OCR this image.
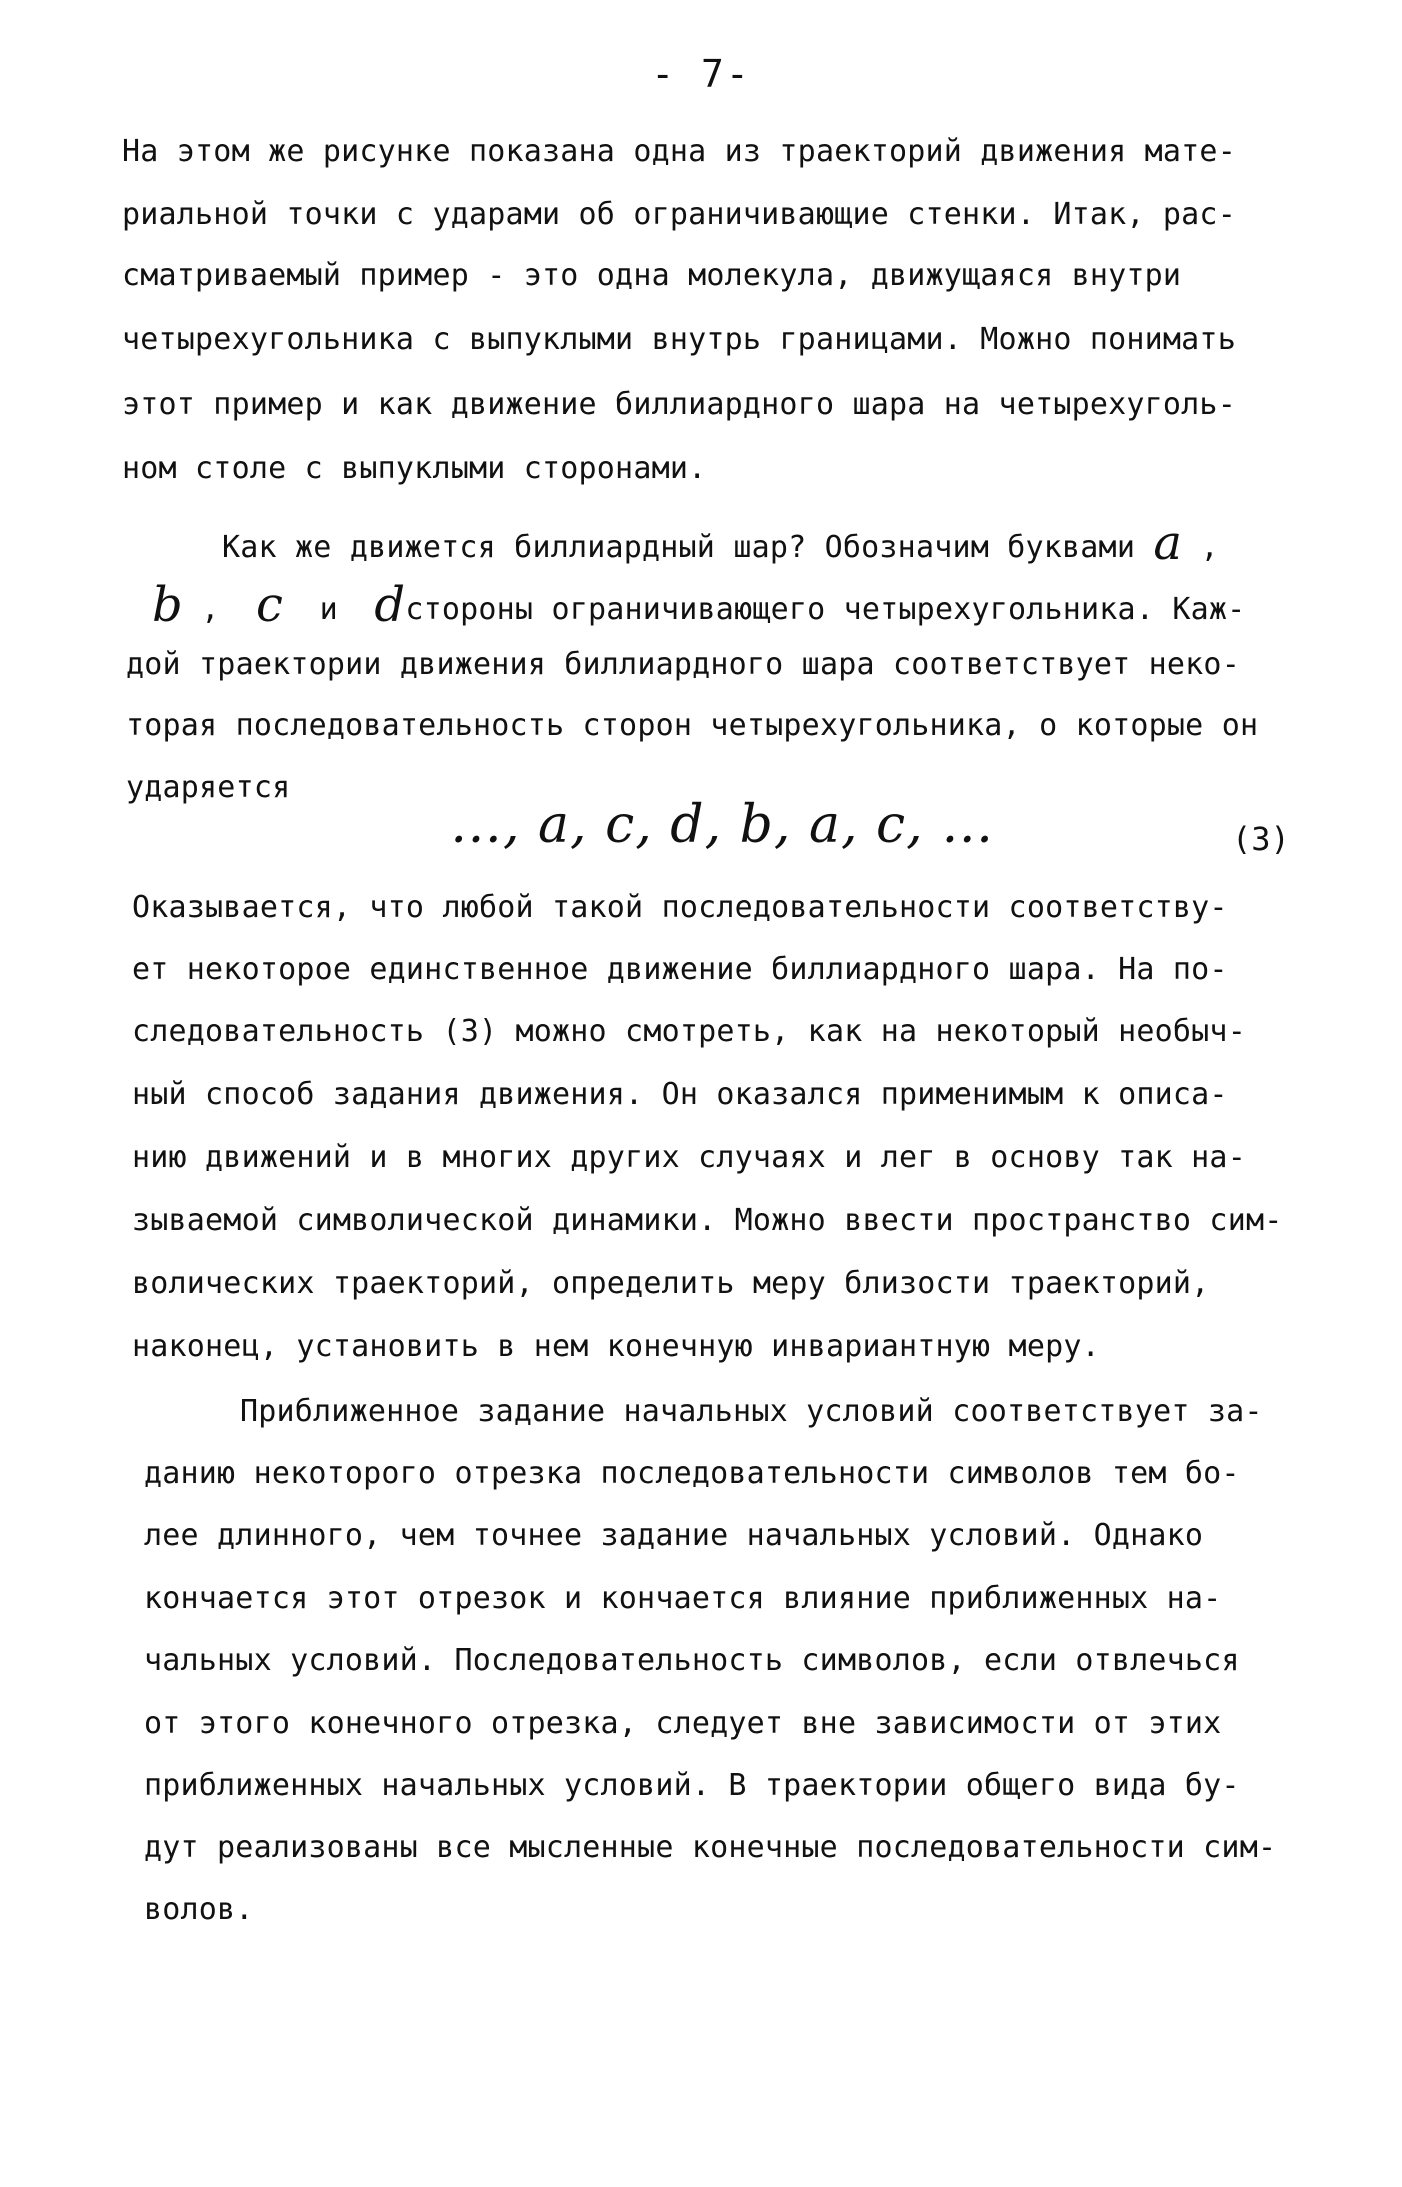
- 7-
На этом же рисунке показана одна из траекторий движения мате-
риальной точки с ударами об ограничивающие стенки. Итак, рас-
сматриваемый пример - это одна молекула, движущаяся внутри
четырехугольника с выпуклыми внутрь границами. Можно понимать
этот пример и как движение биллиардного шара на четырехуголь-
ном столе с выпуклыми сторонами.
Как же движется биллиардный шар? Обозначим буквами a ,
b , c и dстороны ограничивающего четырехугольника. Каж-
дой траектории движения биллиардного шара соответствует неко-
торая последовательность сторон четырехугольника, о которые он
ударяется
…, a, c, d, b, a, c, …	(3)
Оказывается, что любой такой последовательности соответству-
ет некоторое единственное движение биллиардного шара. На по-
следовательность (3) можно смотреть, как на некоторый необыч-
ный способ задания движения. Он оказался применимым к описа-
нию движений и в многих других случаях и лег в основу так на-
зываемой символической динамики. Можно ввести пространство сим-
волических траекторий, определить меру близости траекторий,
наконец, установить в нем конечную инвариантную меру.
Приближенное задание начальных условий соответствует за-
данию некоторого отрезка последовательности символов тем бо-
лее длинного, чем точнее задание начальных условий. Однако
кончается этот отрезок и кончается влияние приближенных на-
чальных условий. Последовательность символов, если отвлечься
от этого конечного отрезка, следует вне зависимости от этих
приближенных начальных условий. В траектории общего вида бу-
дут реализованы все мысленные конечные последовательности сим-
волов.
